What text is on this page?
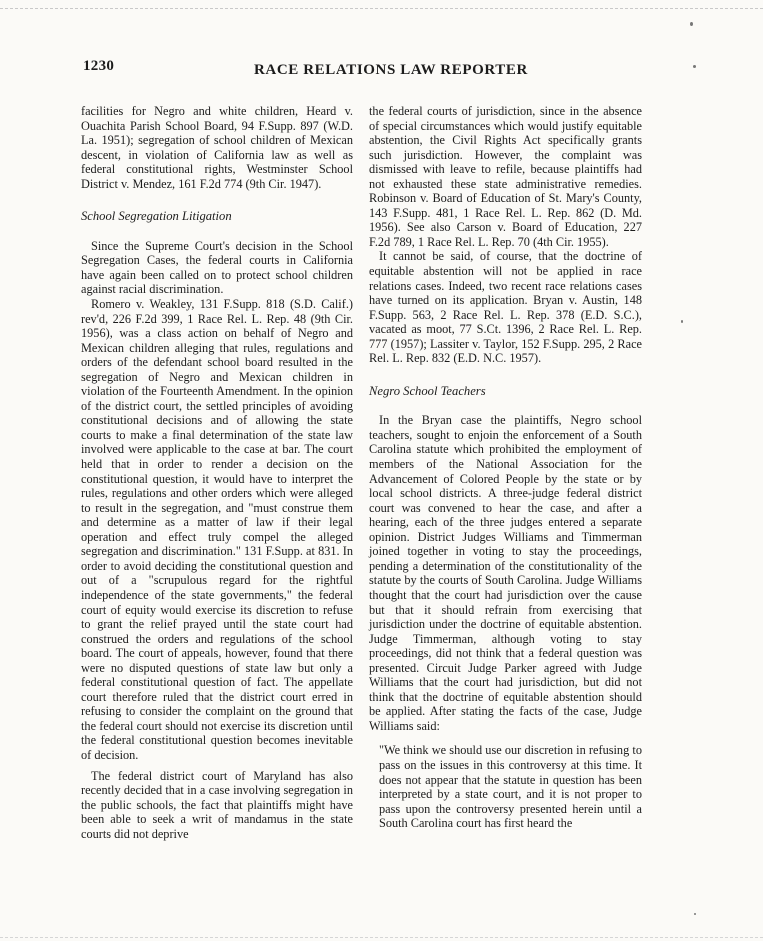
1230	RACE RELATIONS LAW REPORTER

facilities for Negro and white children, Heard v. Ouachita Parish School Board, 94 F.Supp. 897 (W.D. La. 1951); segregation of school children of Mexican descent, in violation of California law as well as federal constitutional rights, Westminster School District v. Mendez, 161 F.2d 774 (9th Cir. 1947).

School Segregation Litigation

Since the Supreme Court's decision in the School Segregation Cases, the federal courts in California have again been called on to protect school children against racial discrimination.

Romero v. Weakley, 131 F.Supp. 818 (S.D. Calif.) rev'd, 226 F.2d 399, 1 Race Rel. L. Rep. 48 (9th Cir. 1956), was a class action on behalf of Negro and Mexican children alleging that rules, regulations and orders of the defendant school board resulted in the segregation of Negro and Mexican children in violation of the Fourteenth Amendment. In the opinion of the district court, the settled principles of avoiding constitutional decisions and of allowing the state courts to make a final determination of the state law involved were applicable to the case at bar. The court held that in order to render a decision on the constitutional question, it would have to interpret the rules, regulations and other orders which were alleged to result in the segregation, and "must construe them and determine as a matter of law if their legal operation and effect truly compel the alleged segregation and discrimination." 131 F.Supp. at 831. In order to avoid deciding the constitutional question and out of a "scrupulous regard for the rightful independence of the state governments," the federal court of equity would exercise its discretion to refuse to grant the relief prayed until the state court had construed the orders and regulations of the school board. The court of appeals, however, found that there were no disputed questions of state law but only a federal constitutional question of fact. The appellate court therefore ruled that the district court erred in refusing to consider the complaint on the ground that the federal court should not exercise its discretion until the federal constitutional question becomes inevitable of decision.

The federal district court of Maryland has also recently decided that in a case involving segregation in the public schools, the fact that plaintiffs might have been able to seek a writ of mandamus in the state courts did not deprive

the federal courts of jurisdiction, since in the absence of special circumstances which would justify equitable abstention, the Civil Rights Act specifically grants such jurisdiction. However, the complaint was dismissed with leave to refile, because plaintiffs had not exhausted these state administrative remedies. Robinson v. Board of Education of St. Mary's County, 143 F.Supp. 481, 1 Race Rel. L. Rep. 862 (D. Md. 1956). See also Carson v. Board of Education, 227 F.2d 789, 1 Race Rel. L. Rep. 70 (4th Cir. 1955).

It cannot be said, of course, that the doctrine of equitable abstention will not be applied in race relations cases. Indeed, two recent race relations cases have turned on its application. Bryan v. Austin, 148 F.Supp. 563, 2 Race Rel. L. Rep. 378 (E.D. S.C.), vacated as moot, 77 S.Ct. 1396, 2 Race Rel. L. Rep. 777 (1957); Lassiter v. Taylor, 152 F.Supp. 295, 2 Race Rel. L. Rep. 832 (E.D. N.C. 1957).

Negro School Teachers

In the Bryan case the plaintiffs, Negro school teachers, sought to enjoin the enforcement of a South Carolina statute which prohibited the employment of members of the National Association for the Advancement of Colored People by the state or by local school districts. A three-judge federal district court was convened to hear the case, and after a hearing, each of the three judges entered a separate opinion. District Judges Williams and Timmerman joined together in voting to stay the proceedings, pending a determination of the constitutionality of the statute by the courts of South Carolina. Judge Williams thought that the court had jurisdiction over the cause but that it should refrain from exercising that jurisdiction under the doctrine of equitable abstention. Judge Timmerman, although voting to stay proceedings, did not think that a federal question was presented. Circuit Judge Parker agreed with Judge Williams that the court had jurisdiction, but did not think that the doctrine of equitable abstention should be applied. After stating the facts of the case, Judge Williams said:

"We think we should use our discretion in refusing to pass on the issues in this controversy at this time. It does not appear that the statute in question has been interpreted by a state court, and it is not proper to pass upon the controversy presented herein until a South Carolina court has first heard the
